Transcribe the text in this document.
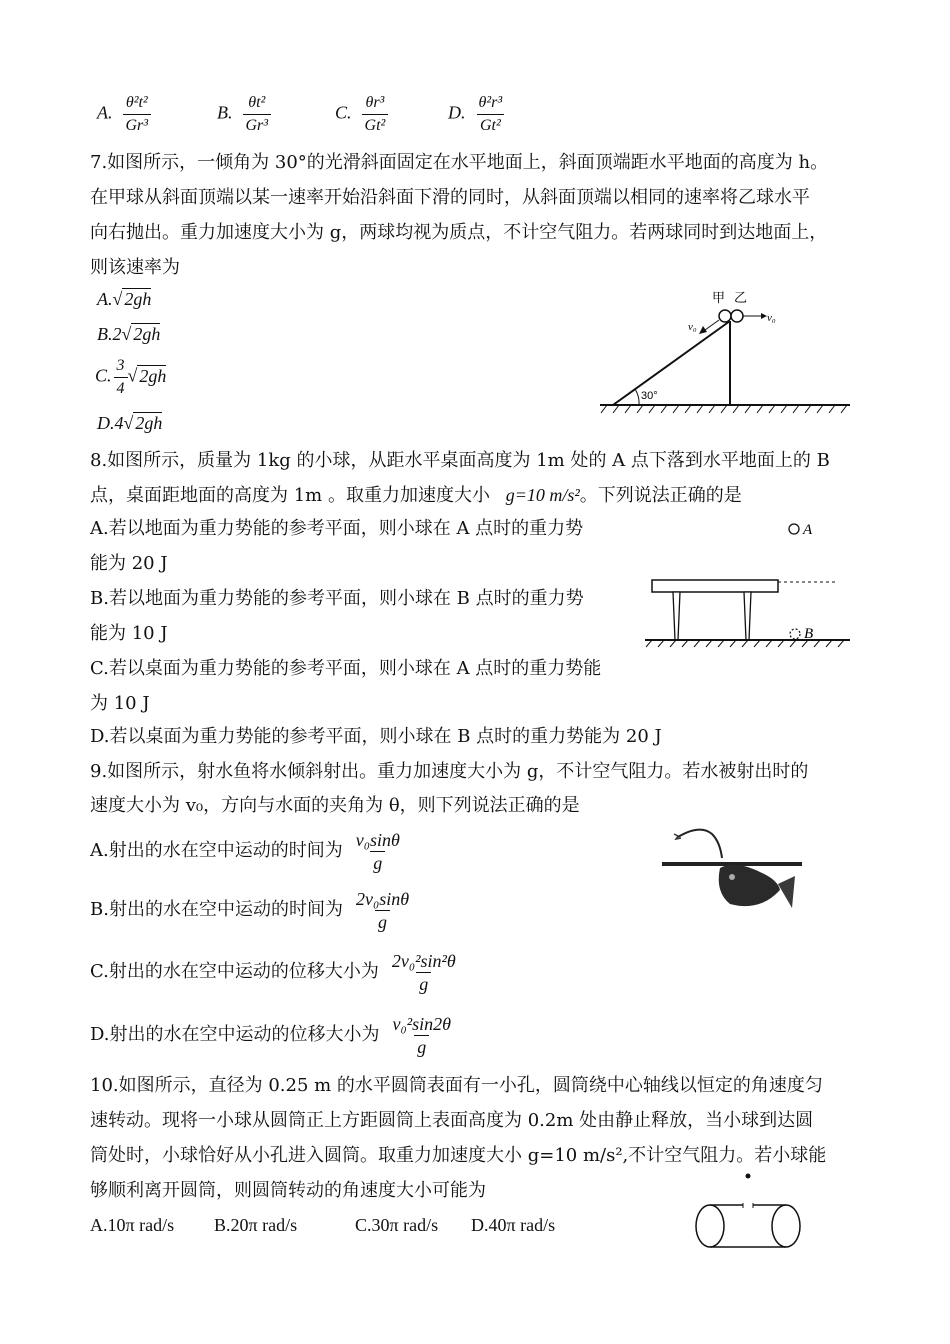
A. $\frac{\text{θ²t²}}{\text{Gr³}}$	B. $\frac{\text{θt²}}{\text{Gr³}}$	C. $\frac{\text{θr³}}{\text{Gt²}}$	D. $\frac{\text{θ²r³}}{\text{Gt²}}$
7.如图所示，一倾角为 30°的光滑斜面固定在水平地面上，斜面顶端距水平地面的高度为 h。
在甲球从斜面顶端以某一速率开始沿斜面下滑的同时，从斜面顶端以相同的速率将乙球水平
向右抛出。重力加速度大小为 g，两球均视为质点，不计空气阻力。若两球同时到达地面上，
则该速率为
A.√ 2gh
B.2√ 2gh
C. $\frac{3}{4}$ √ 2gh
D.4√ 2gh
30°
甲 乙
v₀
v₀
8.如图所示，质量为 1kg 的小球，从距水平桌面高度为 1m 处的 A 点下落到水平地面上的 B
点，桌面距地面的高度为 1m 。取重力加速度大小 g=10 m/s²。下列说法正确的是
A.若以地面为重力势能的参考平面，则小球在 A 点时的重力势
能为 20 J
B.若以地面为重力势能的参考平面，则小球在 B 点时的重力势
能为 10 J
C.若以桌面为重力势能的参考平面，则小球在 A 点时的重力势能
为 10 J
D.若以桌面为重力势能的参考平面，则小球在 B 点时的重力势能为 20 J
A
B
9.如图所示，射水鱼将水倾斜射出。重力加速度大小为 g，不计空气阻力。若水被射出时的
速度大小为 v₀，方向与水面的夹角为 θ，则下列说法正确的是
A.射出的水在空中运动的时间为 $\frac{\text{v₀sinθ}}{g}$
B.射出的水在空中运动的时间为 $\frac{\text{2v₀sinθ}}{g}$
C.射出的水在空中运动的位移大小为 $\frac{\text{2v₀²sin²θ}}{g}$
D.射出的水在空中运动的位移大小为 $\frac{\text{v₀²sin2θ}}{g}$
10.如图所示，直径为 0.25 m 的水平圆筒表面有一小孔，圆筒绕中心轴线以恒定的角速度匀
速转动。现将一小球从圆筒正上方距圆筒上表面高度为 0.2m 处由静止释放，当小球到达圆
筒处时，小球恰好从小孔进入圆筒。取重力加速度大小 g=10 m/s²,不计空气阻力。若小球能
够顺利离开圆筒，则圆筒转动的角速度大小可能为
A.10π rad/s B.20π rad/s	C.30π rad/s D.40π rad/s
